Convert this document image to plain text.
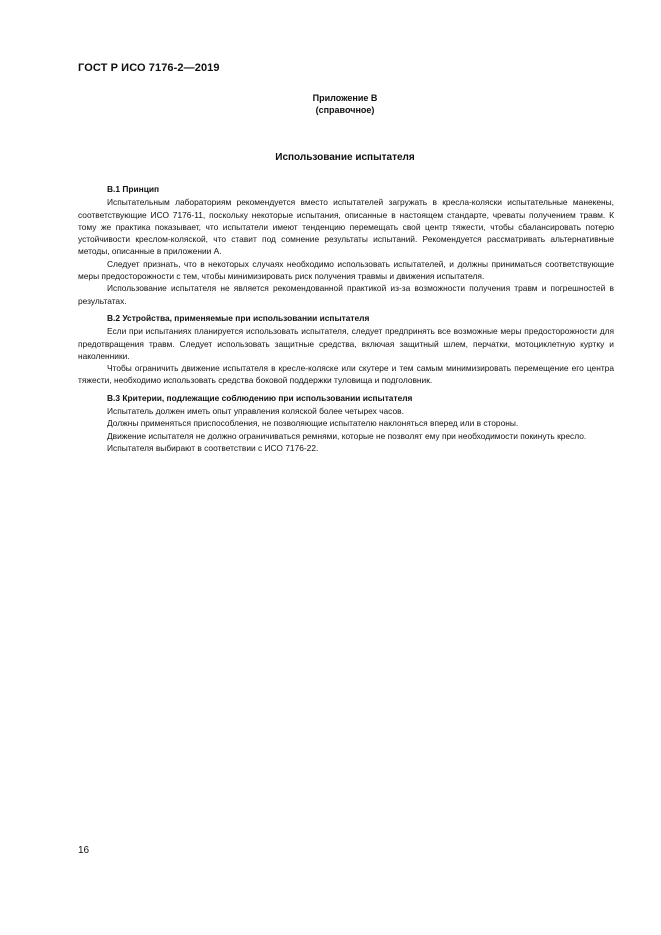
ГОСТ Р ИСО 7176-2—2019
Приложение В
(справочное)
Использование испытателя
В.1 Принцип

Испытательным лабораториям рекомендуется вместо испытателей загружать в кресла-коляски испытательные манекены, соответствующие ИСО 7176-11, поскольку некоторые испытания, описанные в настоящем стандарте, чреваты получением травм. К тому же практика показывает, что испытатели имеют тенденцию перемещать свой центр тяжести, чтобы сбалансировать потерю устойчивости креслом-коляской, что ставит под сомнение результаты испытаний. Рекомендуется рассматривать альтернативные методы, описанные в приложении А.

Следует признать, что в некоторых случаях необходимо использовать испытателей, и должны приниматься соответствующие меры предосторожности с тем, чтобы минимизировать риск получения травмы и движения испытателя.

Использование испытателя не является рекомендованной практикой из-за возможности получения травм и погрешностей в результатах.

В.2 Устройства, применяемые при использовании испытателя

Если при испытаниях планируется использовать испытателя, следует предпринять все возможные меры предосторожности для предотвращения травм. Следует использовать защитные средства, включая защитный шлем, перчатки, мотоциклетную куртку и наколенники.

Чтобы ограничить движение испытателя в кресле-коляске или скутере и тем самым минимизировать перемещение его центра тяжести, необходимо использовать средства боковой поддержки туловища и подголовник.

В.3 Критерии, подлежащие соблюдению при использовании испытателя

Испытатель должен иметь опыт управления коляской более четырех часов.

Должны применяться приспособления, не позволяющие испытателю наклоняться вперед или в стороны.

Движение испытателя не должно ограничиваться ремнями, которые не позволят ему при необходимости покинуть кресло.

Испытателя выбирают в соответствии с ИСО 7176-22.

16
